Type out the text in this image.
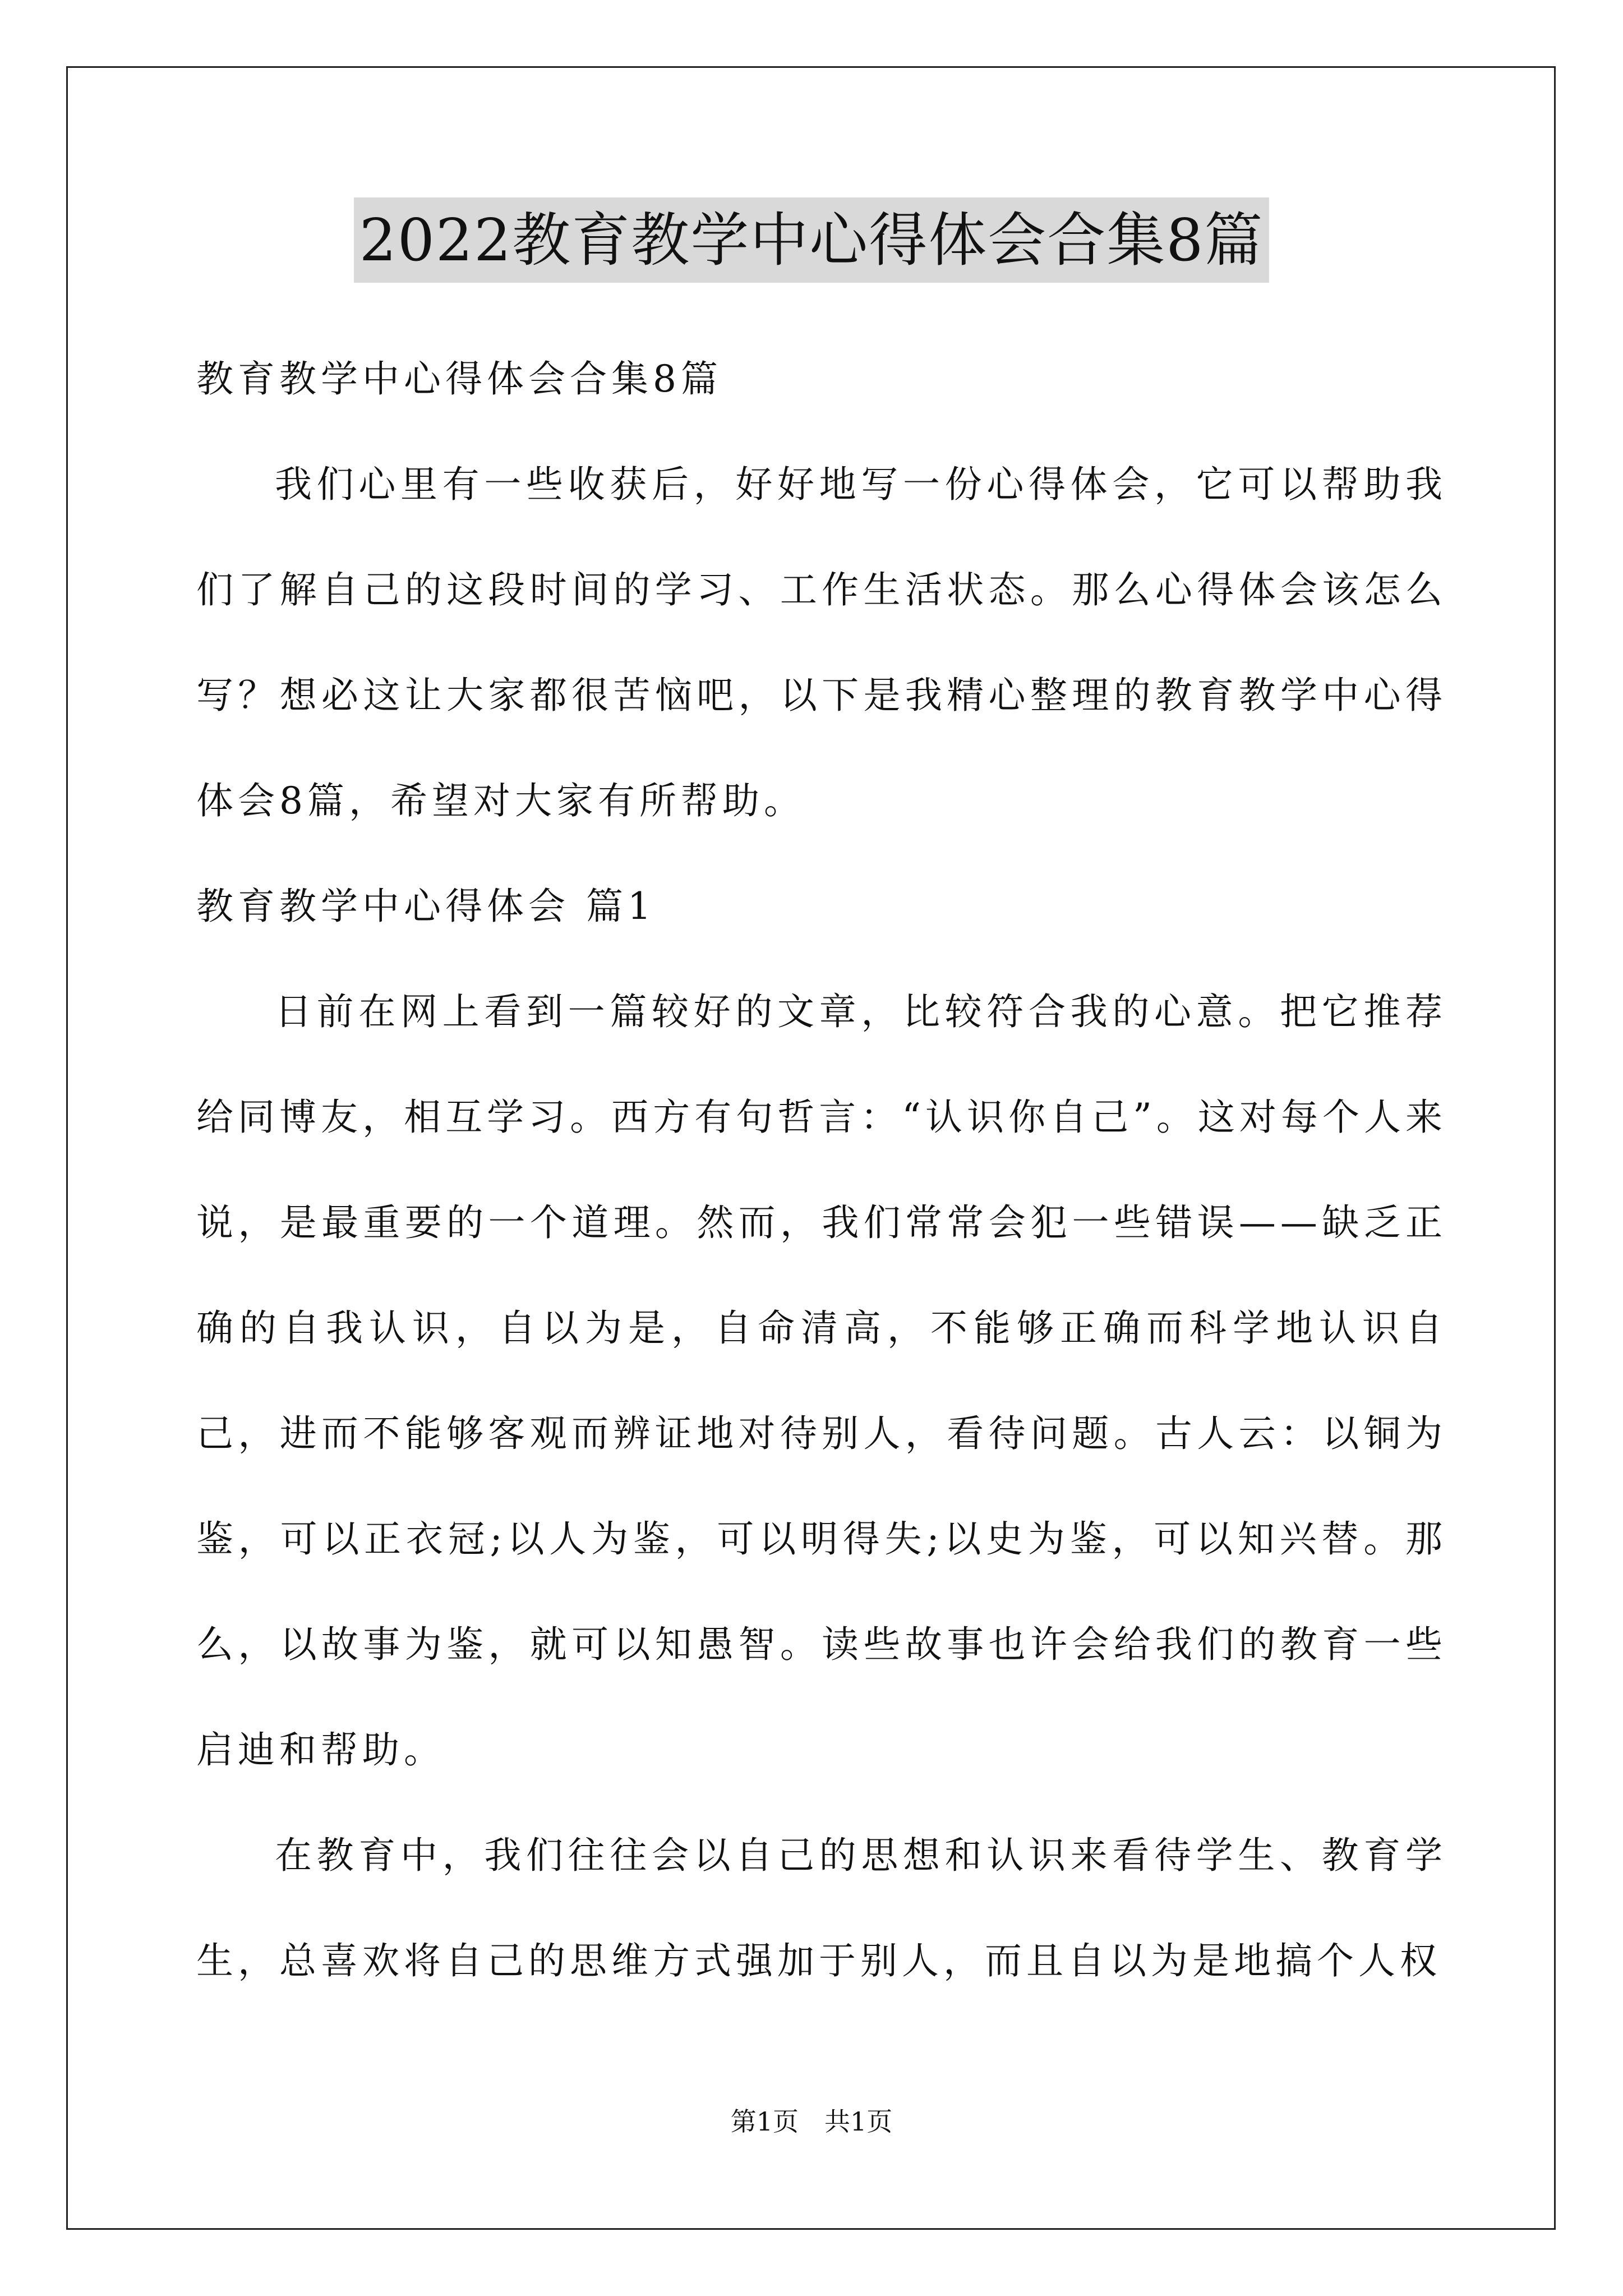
2022教育教学中心得体会合集8篇
教育教学中心得体会合集8篇
我们心里有一些收获后，好好地写一份心得体会，它可以帮助我们了解自己的这段时间的学习、工作生活状态。那么心得体会该怎么写？想必这让大家都很苦恼吧，以下是我精心整理的教育教学中心得体会8篇，希望对大家有所帮助。
教育教学中心得体会 篇1
日前在网上看到一篇较好的文章，比较符合我的心意。把它推荐给同博友，相互学习。西方有句哲言：“认识你自己”。这对每个人来说，是最重要的一个道理。然而，我们常常会犯一些错误——缺乏正确的自我认识，自以为是，自命清高，不能够正确而科学地认识自己，进而不能够客观而辨证地对待别人，看待问题。古人云：以铜为鉴，可以正衣冠;以人为鉴，可以明得失;以史为鉴，可以知兴替。那么，以故事为鉴，就可以知愚智。读些故事也许会给我们的教育一些启迪和帮助。
在教育中，我们往往会以自己的思想和认识来看待学生、教育学生，总喜欢将自己的思维方式强加于别人，而且自以为是地搞个人权
第1页　共1页
